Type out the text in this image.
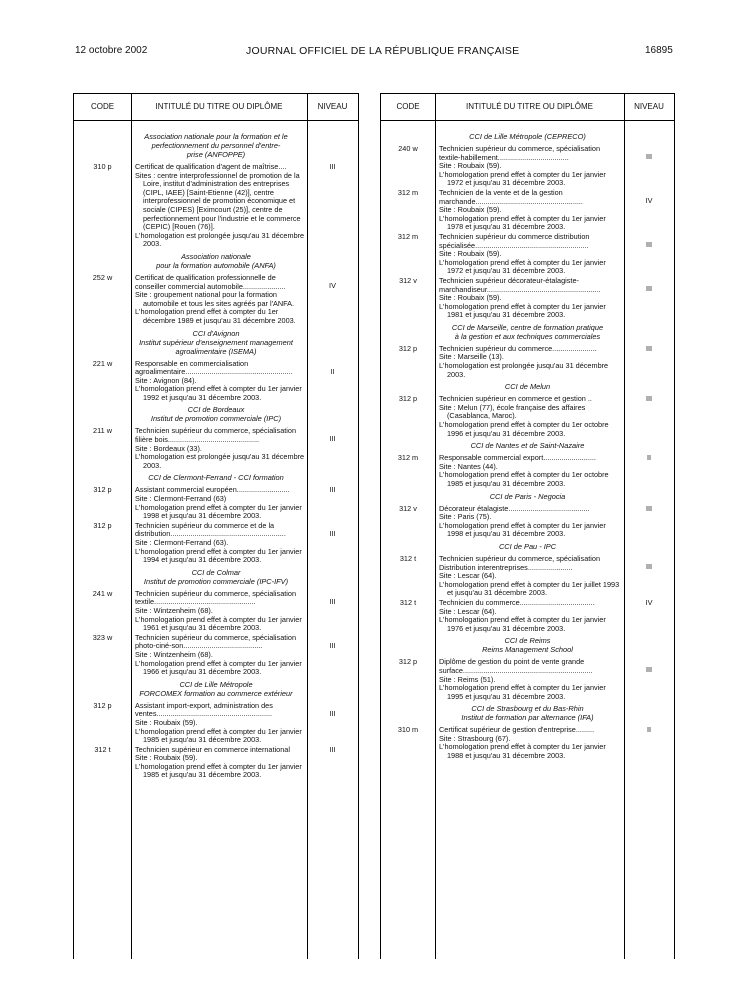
12 octobre 2002	JOURNAL OFFICIEL DE LA RÉPUBLIQUE FRANÇAISE	16895
CODE	INTITULÉ DU TITRE OU DIPLÔME	NIVEAU
Association nationale pour la formation et le
perfectionnement du personnel d'entre-
prise (ANFOPPE)
310 p	Certificat de qualification d'agent de maîtrise....
Sites : centre interprofessionnel de promotion de la Loire, institut d'administration des entreprises (CIPL, IAEE) [Saint-Etienne (42)], centre interprofessionnel de promotion économique et sociale (CIPES) [Eximcourt (25)], centre de perfectionnement pour l'industrie et le commerce (CEPIC) [Rouen (76)].
L'homologation est prolongée jusqu'au 31 décembre 2003.
III
Association nationale
pour la formation automobile (ANFA)
252 w	Certificat de qualification professionnelle de conseiller commercial automobile.....................
Site : groupement national pour la formation automobile et tous les sites agréés par l'ANFA.
L'homologation prend effet à compter du 1er décembre 1989 et jusqu'au 31 décembre 2003.
IV
CCI d'Avignon
Institut supérieur d'enseignement management
agroalimentaire (ISEMA)
221 w	Responsable en commercialisation agroalimentaire.....................................................
Site : Avignon (84).
L'homologation prend effet à compter du 1er janvier 1992 et jusqu'au 31 décembre 2003.
II
CCI de Bordeaux
Institut de promotion commerciale (IPC)
211 w	Technicien supérieur du commerce, spécialisation filière bois.............................................
Site : Bordeaux (33).
L'homologation est prolongée jusqu'au 31 décembre 2003.
III
CCI de Clermont-Ferrand - CCI formation
312 p	Assistant commercial européen..........................
Site : Clermont-Ferrand (63)
L'homologation prend effet à compter du 1er janvier 1998 et jusqu'au 31 décembre 2003.
III
312 p	Technicien supérieur du commerce et de la distribution.........................................................
Site : Clermont-Ferrand (63).
L'homologation prend effet à compter du 1er janvier 1994 et jusqu'au 31 décembre 2003.
III
CCI de Colmar
Institut de promotion commerciale (IPC-IFV)
241 w	Technicien supérieur du commerce, spécialisation textile..................................................
Site : Wintzenheim (68).
L'homologation prend effet à compter du 1er janvier 1961 et jusqu'au 31 décembre 2003.
III
323 w	Technicien supérieur du commerce, spécialisation photo-ciné-son.......................................
Site : Wintzenheim (68).
L'homologation prend effet à compter du 1er janvier 1966 et jusqu'au 31 décembre 2003.
III
CCI de Lille Métropole
FORCOMEX formation au commerce extérieur
312 p	Assistant import-export, administration des ventes.........................................................
Site : Roubaix (59).
L'homologation prend effet à compter du 1er janvier 1985 et jusqu'au 31 décembre 2003.
III
312 t	Technicien supérieur en commerce international
Site : Roubaix (59).
L'homologation prend effet à compter du 1er janvier 1985 et jusqu'au 31 décembre 2003.
III
CODE	INTITULÉ DU TITRE OU DIPLÔME	NIVEAU
CCI de Lille Métropole (CEPRECO)
240 w	Technicien supérieur du commerce, spécialisation textile-habillement...................................
Site : Roubaix (59).
L'homologation prend effet à compter du 1er janvier 1972 et jusqu'au 31 décembre 2003.
III
312 m	Technicien de la vente et de la gestion marchande.....................................................
Site : Roubaix (59).
L'homologation prend effet à compter du 1er janvier 1978 et jusqu'au 31 décembre 2003.
IV
312 m	Technicien supérieur du commerce distribution spécialisée........................................................
Site : Roubaix (59).
L'homologation prend effet à compter du 1er janvier 1972 et jusqu'au 31 décembre 2003.
III
312 v	Technicien supérieur décorateur-étalagiste-marchandiseur........................................................
Site : Roubaix (59).
L'homologation prend effet à compter du 1er janvier 1981 et jusqu'au 31 décembre 2003.
III
CCI de Marseille, centre de formation pratique
à la gestion et aux techniques commerciales
312 p	Technicien supérieur du commerce......................
Site : Marseille (13).
L'homologation est prolongée jusqu'au 31 décembre 2003.
III
CCI de Melun
312 p	Technicien supérieur en commerce et gestion ..
Site : Melun (77), école française des affaires (Casablanca, Maroc).
L'homologation prend effet à compter du 1er octobre 1996 et jusqu'au 31 décembre 2003.
III
CCI de Nantes et de Saint-Nazaire
312 m	Responsable commercial export..........................
Site : Nantes (44).
L'homologation prend effet à compter du 1er octobre 1985 et jusqu'au 31 décembre 2003.
II
CCI de Paris - Negocia
312 v	Décorateur étalagiste........................................
Site : Paris (75).
L'homologation prend effet à compter du 1er janvier 1998 et jusqu'au 31 décembre 2003.
III
CCI de Pau - IPC
312 t	Technicien supérieur du commerce, spécialisation Distribution interentreprises......................
Site : Lescar (64).
L'homologation prend effet à compter du 1er juillet 1993 et jusqu'au 31 décembre 2003.
III
312 t	Technicien du commerce.....................................
Site : Lescar (64).
L'homologation prend effet à compter du 1er janvier 1976 et jusqu'au 31 décembre 2003.
IV
CCI de Reims
Reims Management School
312 p	Diplôme de gestion du point de vente grande surface................................................................
Site : Reims (51).
L'homologation prend effet à compter du 1er janvier 1995 et jusqu'au 31 décembre 2003.
III
CCI de Strasbourg et du Bas-Rhin
Institut de formation par alternance (IFA)
310 m	Certificat supérieur de gestion d'entreprise.........
Site : Strasbourg (67).
L'homologation prend effet à compter du 1er janvier 1988 et jusqu'au 31 décembre 2003.
II
